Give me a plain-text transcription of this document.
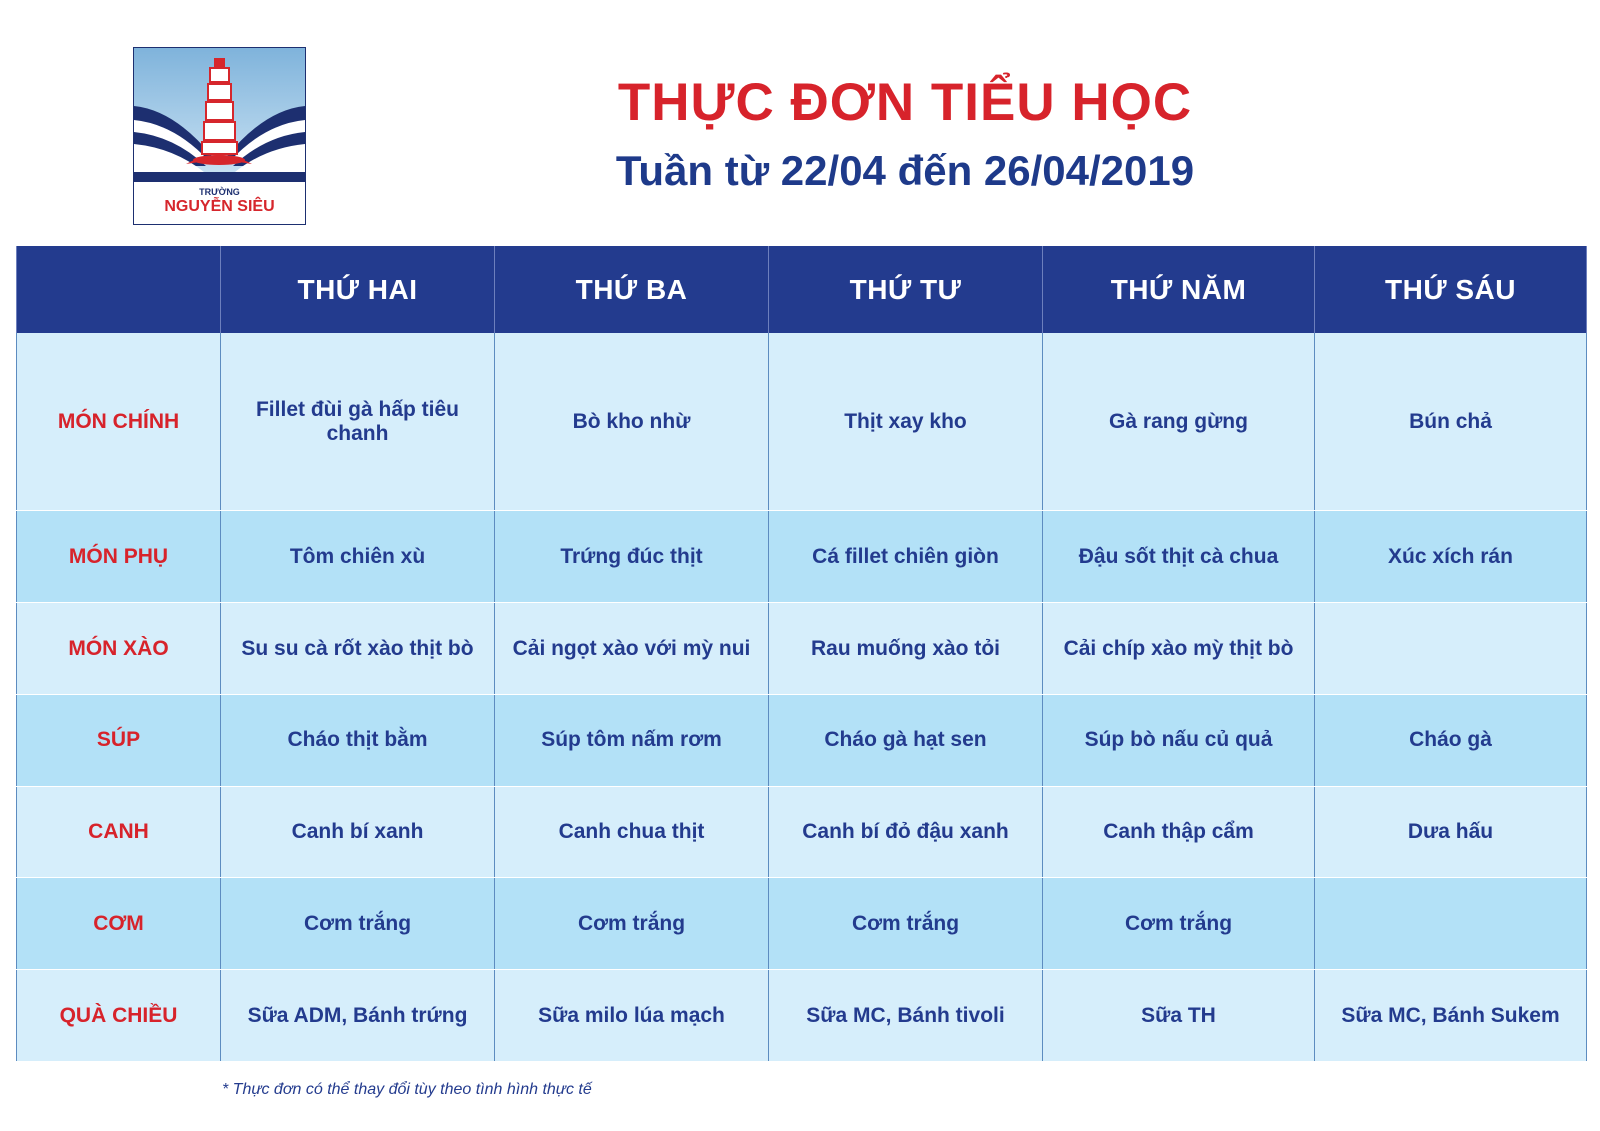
TRƯỜNG
NGUYỄN SIÊU
THỰC ĐƠN TIỂU HỌC
Tuần từ 22/04 đến 26/04/2019
	THỨ HAI	THỨ BA	THỨ TƯ	THỨ NĂM	THỨ SÁU
MÓN CHÍNH	Fillet đùi gà hấp tiêu chanh	Bò kho nhừ	Thịt xay kho	Gà rang gừng	Bún chả
MÓN PHỤ	Tôm chiên xù	Trứng đúc thịt	Cá fillet chiên giòn	Đậu sốt thịt cà chua	Xúc xích rán
MÓN XÀO	Su su cà rốt xào thịt bò	Cải ngọt xào với mỳ nui	Rau muống xào tỏi	Cải chíp xào mỳ thịt bò	
SÚP	Cháo thịt bằm	Súp tôm nấm rơm	Cháo gà hạt sen	Súp bò nấu củ quả	Cháo gà
CANH	Canh bí xanh	Canh chua thịt	Canh bí đỏ đậu xanh	Canh thập cẩm	Dưa hấu
CƠM	Cơm trắng	Cơm trắng	Cơm trắng	Cơm trắng	
QUÀ CHIỀU	Sữa ADM, Bánh trứng	Sữa milo lúa mạch	Sữa MC, Bánh tivoli	Sữa TH	Sữa MC, Bánh Sukem
* Thực đơn có thể thay đổi tùy theo tình hình thực tế
